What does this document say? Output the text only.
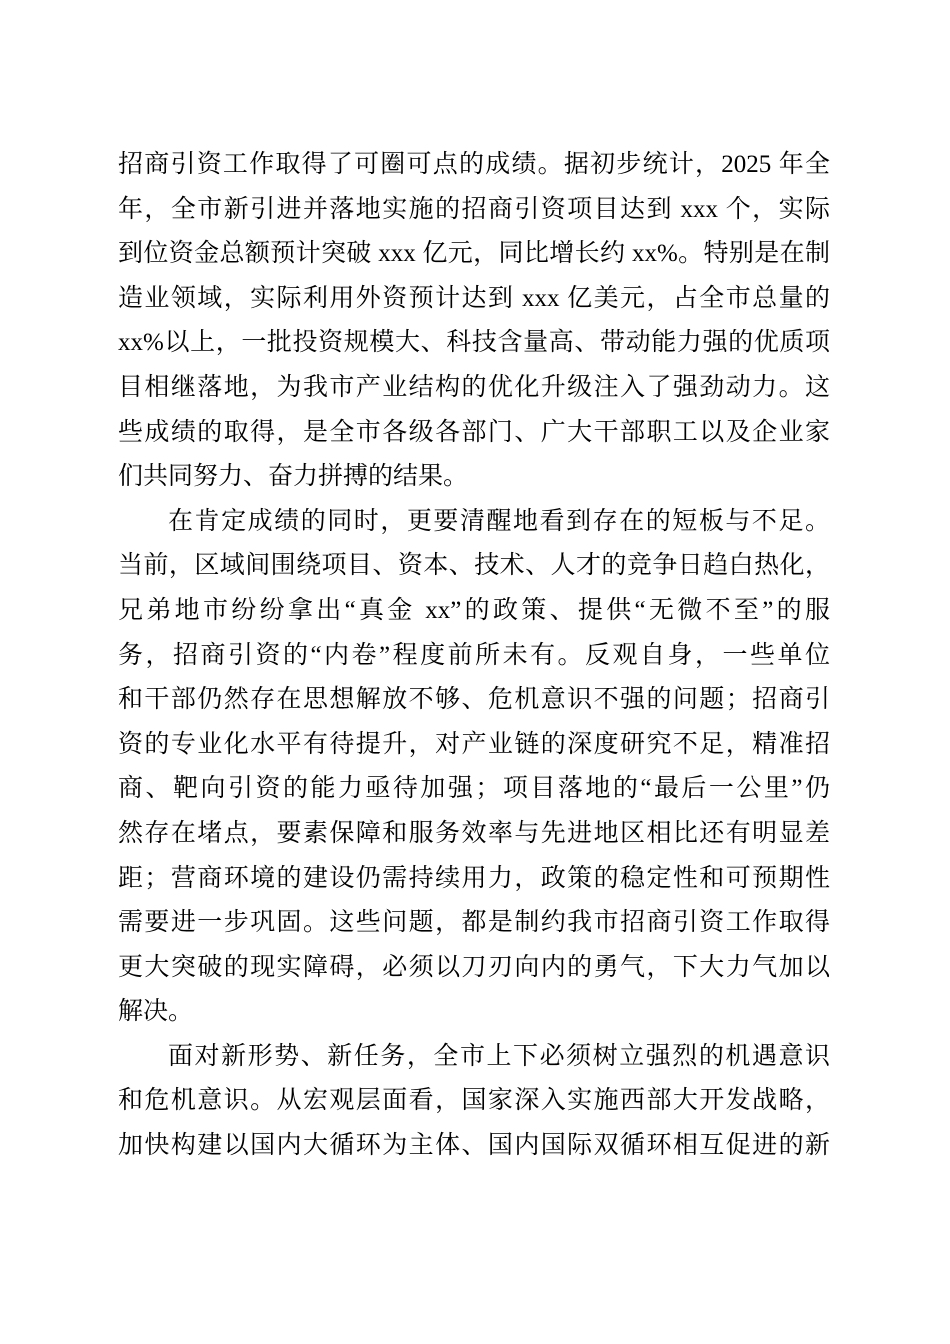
招商引资工作取得了可圈可点的成绩。据初步统计，2025 年全
年，全市新引进并落地实施的招商引资项目达到 xxx 个，实际
到位资金总额预计突破 xxx 亿元，同比增长约 xx%。特别是在制
造业领域，实际利用外资预计达到 xxx 亿美元，占全市总量的
xx%以上，一批投资规模大、科技含量高、带动能力强的优质项
目相继落地，为我市产业结构的优化升级注入了强劲动力。这
些成绩的取得，是全市各级各部门、广大干部职工以及企业家
们共同努力、奋力拼搏的结果。
在肯定成绩的同时，更要清醒地看到存在的短板与不足。
当前，区域间围绕项目、资本、技术、人才的竞争日趋白热化，
兄弟地市纷纷拿出“真金 xx”的政策、提供“无微不至”的服
务，招商引资的“内卷”程度前所未有。反观自身，一些单位
和干部仍然存在思想解放不够、危机意识不强的问题；招商引
资的专业化水平有待提升，对产业链的深度研究不足，精准招
商、靶向引资的能力亟待加强；项目落地的“最后一公里”仍
然存在堵点，要素保障和服务效率与先进地区相比还有明显差
距；营商环境的建设仍需持续用力，政策的稳定性和可预期性
需要进一步巩固。这些问题，都是制约我市招商引资工作取得
更大突破的现实障碍，必须以刀刃向内的勇气，下大力气加以
解决。
面对新形势、新任务，全市上下必须树立强烈的机遇意识
和危机意识。从宏观层面看，国家深入实施西部大开发战略，
加快构建以国内大循环为主体、国内国际双循环相互促进的新
